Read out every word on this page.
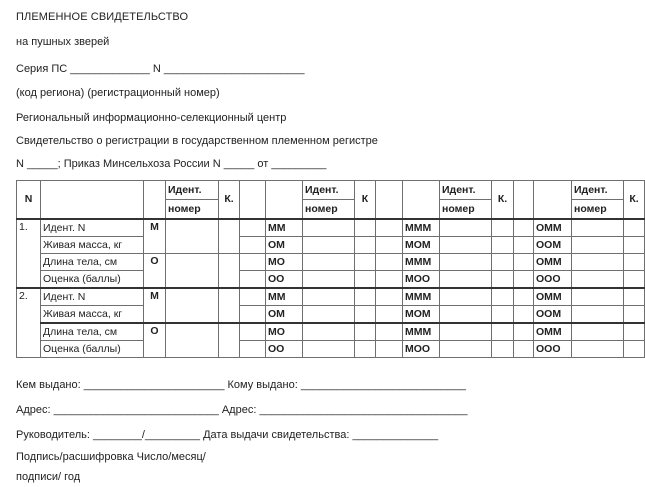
ПЛЕМЕННОЕ СВИДЕТЕЛЬСТВО
на пушных зверей
Серия ПС _____________ N _______________________
(код региона) (регистрационный номер)
Региональный информационно-селекционный центр
Свидетельство о регистрации в государственном племенном регистре
N _____; Приказ Минсельхоза России N _____ от _________
N			Идент.	К.			Идент.	К			Идент.	К.			Идент.	К.
			номер				номер				номер				номер	
1.	Идент. N	М				ММ				МММ				ОММ		
	Живая масса, кг					ОМ				МОМ				ООМ		
	Длина тела, см	О				МО				МММ				ОММ		
	Оценка (баллы)					ОО				МОО				ООО		
2.	Идент. N	М				ММ				МММ				ОММ		
	Живая масса, кг					ОМ				МОМ				ООМ		
	Длина тела, см	О				МО				МММ				ОММ		
	Оценка (баллы)					ОО				МОО				ООО		
Кем выдано: _______________________ Кому выдано: ___________________________
Адрес: ___________________________ Адрес: __________________________________
Руководитель: ________/_________ Дата выдачи свидетельства: ______________
Подпись/расшифровка Число/месяц/
подписи/ год
